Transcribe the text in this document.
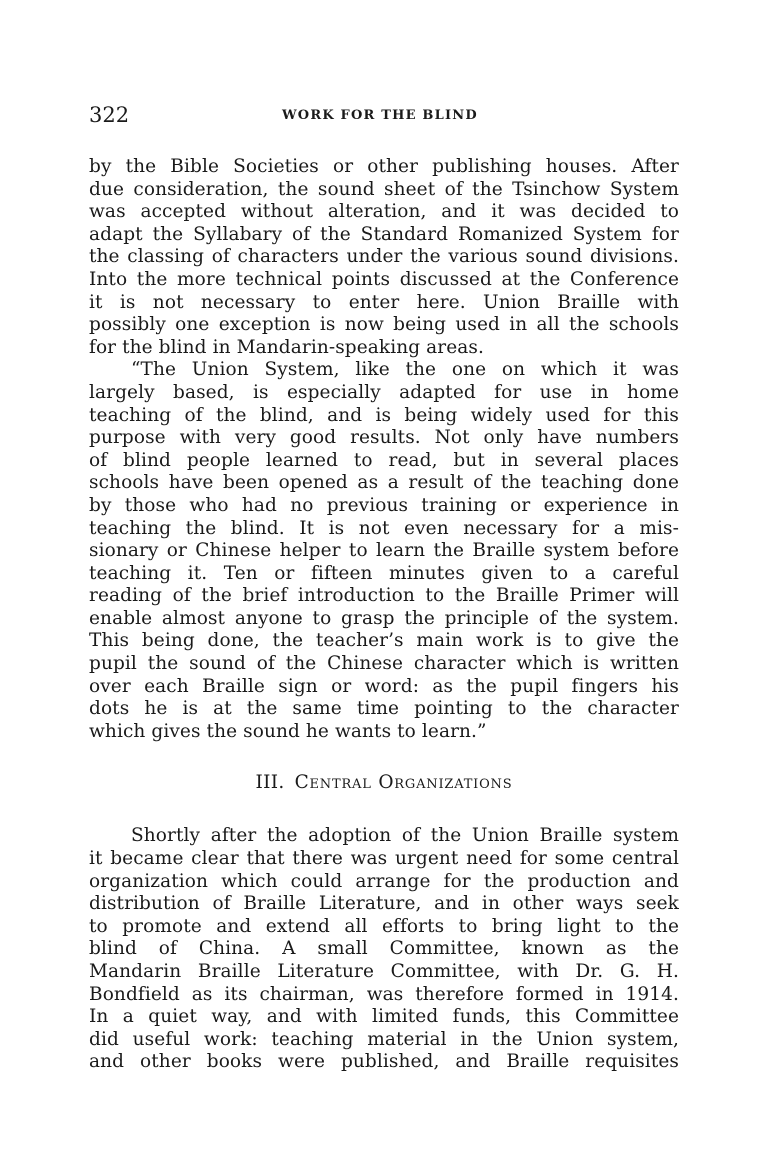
322	WORK FOR THE BLIND

by the Bible Societies or other publishing houses. After
due consideration, the sound sheet of the Tsinchow System
was accepted without alteration, and it was decided to
adapt the Syllabary of the Standard Romanized System for
the classing of characters under the various sound divisions.
Into the more technical points discussed at the Conference
it is not necessary to enter here. Union Braille with
possibly one exception is now being used in all the schools
for the blind in Mandarin-speaking areas.

“The Union System, like the one on which it was
largely based, is especially adapted for use in home
teaching of the blind, and is being widely used for this
purpose with very good results. Not only have numbers
of blind people learned to read, but in several places
schools have been opened as a result of the teaching done
by those who had no previous training or experience in
teaching the blind. It is not even necessary for a mis-
sionary or Chinese helper to learn the Braille system before
teaching it. Ten or fifteen minutes given to a careful
reading of the brief introduction to the Braille Primer will
enable almost anyone to grasp the principle of the system.
This being done, the teacher’s main work is to give the
pupil the sound of the Chinese character which is written
over each Braille sign or word: as the pupil fingers his
dots he is at the same time pointing to the character
which gives the sound he wants to learn.”

III. Central Organizations

Shortly after the adoption of the Union Braille system
it became clear that there was urgent need for some central
organization which could arrange for the production and
distribution of Braille Literature, and in other ways seek
to promote and extend all efforts to bring light to the
blind of China. A small Committee, known as the
Mandarin Braille Literature Committee, with Dr. G. H.
Bondfield as its chairman, was therefore formed in 1914.
In a quiet way, and with limited funds, this Committee
did useful work: teaching material in the Union system,
and other books were published, and Braille requisites
